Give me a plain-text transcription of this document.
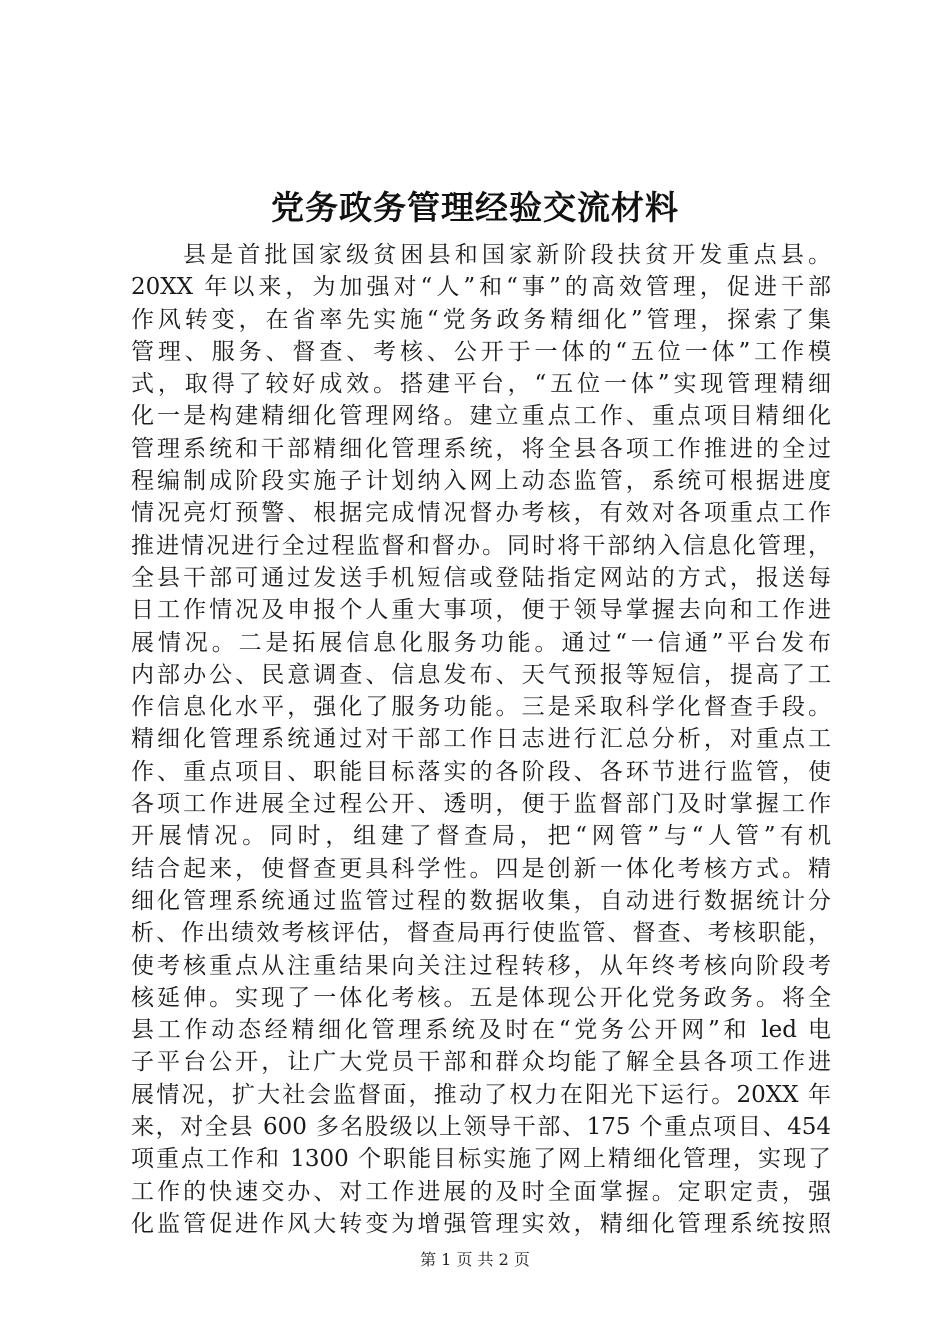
党务政务管理经验交流材料
县是首批国家级贫困县和国家新阶段扶贫开发重点县。
20XX 年以来，为加强对“人”和“事”的高效管理，促进干部
作风转变，在省率先实施“党务政务精细化”管理，探索了集
管理、服务、督查、考核、公开于一体的“五位一体”工作模
式，取得了较好成效。搭建平台，“五位一体”实现管理精细
化一是构建精细化管理网络。建立重点工作、重点项目精细化
管理系统和干部精细化管理系统，将全县各项工作推进的全过
程编制成阶段实施子计划纳入网上动态监管，系统可根据进度
情况亮灯预警、根据完成情况督办考核，有效对各项重点工作
推进情况进行全过程监督和督办。同时将干部纳入信息化管理，
全县干部可通过发送手机短信或登陆指定网站的方式，报送每
日工作情况及申报个人重大事项，便于领导掌握去向和工作进
展情况。二是拓展信息化服务功能。通过“一信通”平台发布
内部办公、民意调查、信息发布、天气预报等短信，提高了工
作信息化水平，强化了服务功能。三是采取科学化督查手段。
精细化管理系统通过对干部工作日志进行汇总分析，对重点工
作、重点项目、职能目标落实的各阶段、各环节进行监管，使
各项工作进展全过程公开、透明，便于监督部门及时掌握工作
开展情况。同时，组建了督查局，把“网管”与“人管”有机
结合起来，使督查更具科学性。四是创新一体化考核方式。精
细化管理系统通过监管过程的数据收集，自动进行数据统计分
析、作出绩效考核评估，督查局再行使监管、督查、考核职能，
使考核重点从注重结果向关注过程转移，从年终考核向阶段考
核延伸。实现了一体化考核。五是体现公开化党务政务。将全
县工作动态经精细化管理系统及时在“党务公开网”和 led 电
子平台公开，让广大党员干部和群众均能了解全县各项工作进
展情况，扩大社会监督面，推动了权力在阳光下运行。20XX 年
来，对全县 600 多名股级以上领导干部、175 个重点项目、454
项重点工作和 1300 个职能目标实施了网上精细化管理，实现了
工作的快速交办、对工作进展的及时全面掌握。定职定责，强
化监管促进作风大转变为增强管理实效，精细化管理系统按照
第 1 页 共 2 页
